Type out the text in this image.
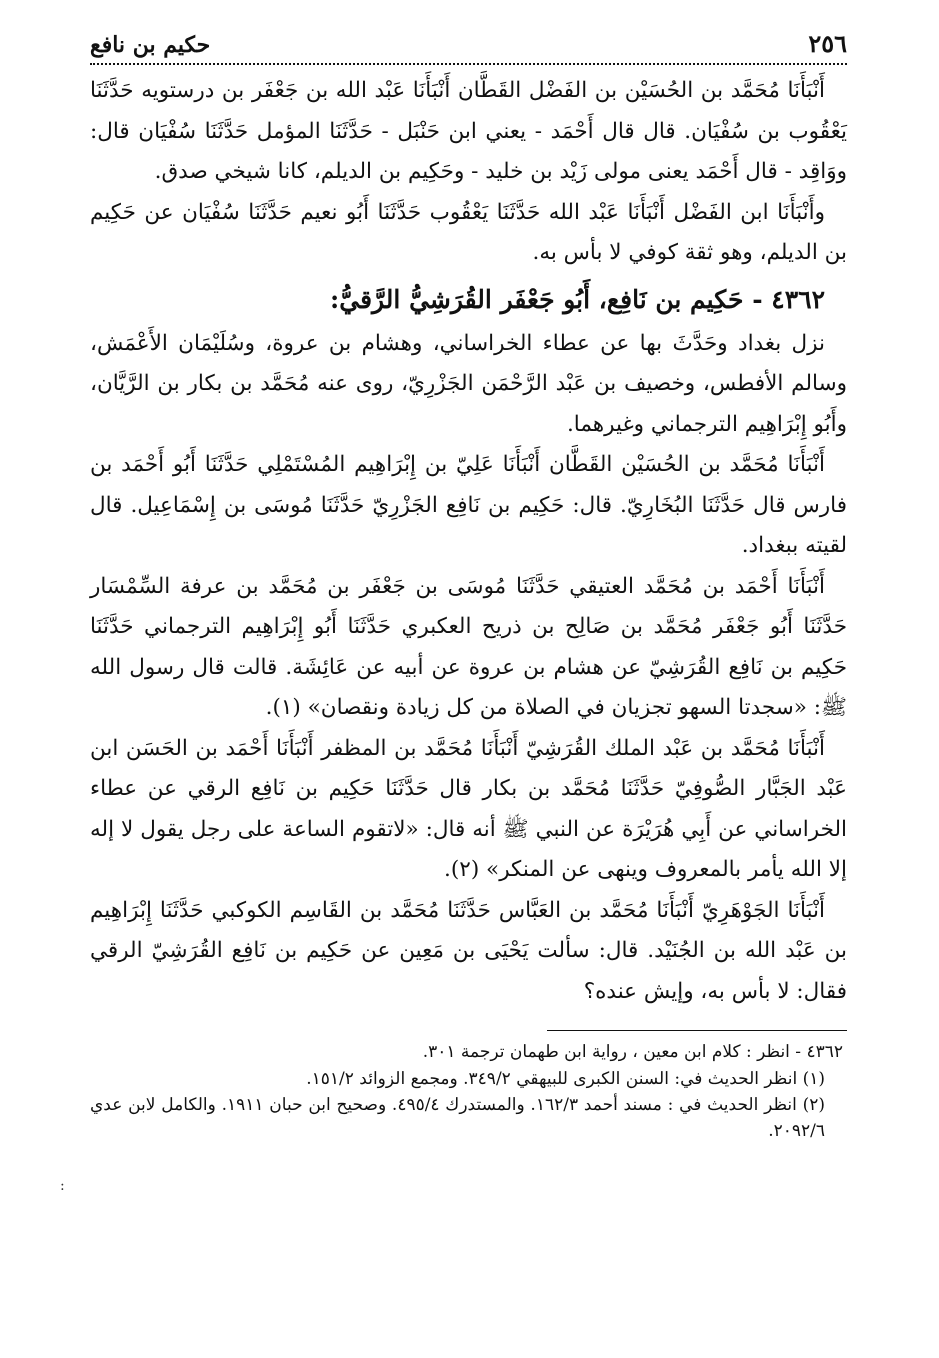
٢٥٦
حكيم بن نافع

أَنْبَأَنَا مُحَمَّد بن الحُسَيْن بن الفَضْل القَطَّان أَنْبَأَنَا عَبْد الله بن جَعْفَر بن درستويه حَدَّثَنَا يَعْقُوب بن سُفْيَان. قال قال أَحْمَد - يعني ابن حَنْبَل - حَدَّثَنَا المؤمل حَدَّثَنَا سُفْيَان قال: ووَاقِد - قال أَحْمَد يعنى مولى زَيْد بن خليد - وحَكِيم بن الديلم، كانا شيخي صدق.

وأَنْبَأَنَا ابن الفَضْل أَنْبَأَنَا عَبْد الله حَدَّثَنَا يَعْقُوب حَدَّثَنَا أَبُو نعيم حَدَّثَنَا سُفْيَان عن حَكِيم بن الديلم، وهو ثقة كوفي لا بأس به.

٤٣٦٢ - حَكِيم بن نَافِع، أَبُو جَعْفَر القُرَشِيُّ الرَّقيُّ:

نزل بغداد وحَدَّثَ بها عن عطاء الخراساني، وهشام بن عروة، وسُلَيْمَان الأَعْمَش، وسالم الأفطس، وخصيف بن عَبْد الرَّحْمَن الجَزْرِيّ، روى عنه مُحَمَّد بن بكار بن الرَّيَّان، وأَبُو إِبْرَاهِيم الترجماني وغيرهما.

أَنْبَأَنَا مُحَمَّد بن الحُسَيْن القَطَّان أَنْبَأَنَا عَلِيّ بن إِبْرَاهِيم المُسْتَمْلِي حَدَّثَنَا أَبُو أَحْمَد بن فارس قال حَدَّثَنَا البُخَارِيّ. قال: حَكِيم بن نَافِع الجَزْرِيّ حَدَّثَنَا مُوسَى بن إِسْمَاعِيل. قال لقيته ببغداد.

أَنْبَأَنَا أَحْمَد بن مُحَمَّد العتيقي حَدَّثَنَا مُوسَى بن جَعْفَر بن مُحَمَّد بن عرفة السِّمْسَار حَدَّثَنَا أَبُو جَعْفَر مُحَمَّد بن صَالِح بن ذريح العكبري حَدَّثَنَا أَبُو إِبْرَاهِيم الترجماني حَدَّثَنَا حَكِيم بن نَافِع القُرَشِيّ عن هشام بن عروة عن أبيه عن عَائِشَة. قالت قال رسول الله ﷺ: «سجدتا السهو تجزيان في الصلاة من كل زيادة ونقصان» (١).

أَنْبَأَنَا مُحَمَّد بن عَبْد الملك القُرَشِيّ أَنْبَأَنَا مُحَمَّد بن المظفر أَنْبَأَنَا أَحْمَد بن الحَسَن ابن عَبْد الجَبَّار الصُّوفِيّ حَدَّثَنَا مُحَمَّد بن بكار قال حَدَّثَنَا حَكِيم بن نَافِع الرقي عن عطاء الخراساني عن أَبِي هُرَيْرَة عن النبي ﷺ أنه قال: «لاتقوم الساعة على رجل يقول لا إله إلا الله يأمر بالمعروف وينهى عن المنكر» (٢).

أَنْبَأَنَا الجَوْهَرِيّ أَنْبَأَنَا مُحَمَّد بن العَبَّاس حَدَّثَنَا مُحَمَّد بن القَاسِم الكوكبي حَدَّثَنَا إِبْرَاهِيم بن عَبْد الله بن الجُنَيْد. قال: سألت يَحْيَى بن مَعِين عن حَكِيم بن نَافِع القُرَشِيّ الرقي فقال: لا بأس به، وإيش عنده؟

٤٣٦٢ - انظر : كلام ابن معين ، رواية ابن طهمان ترجمة ٣٠١.

(١) انظر الحديث في: السنن الكبرى للبيهقي ٣٤٩/٢. ومجمع الزوائد ١٥١/٢.
(٢) انظر الحديث في : مسند أحمد ١٦٢/٣. والمستدرك ٤٩٥/٤. وصحيح ابن حبان ١٩١١. والكامل لابن عدي ٢٠٩٢/٦.
:
